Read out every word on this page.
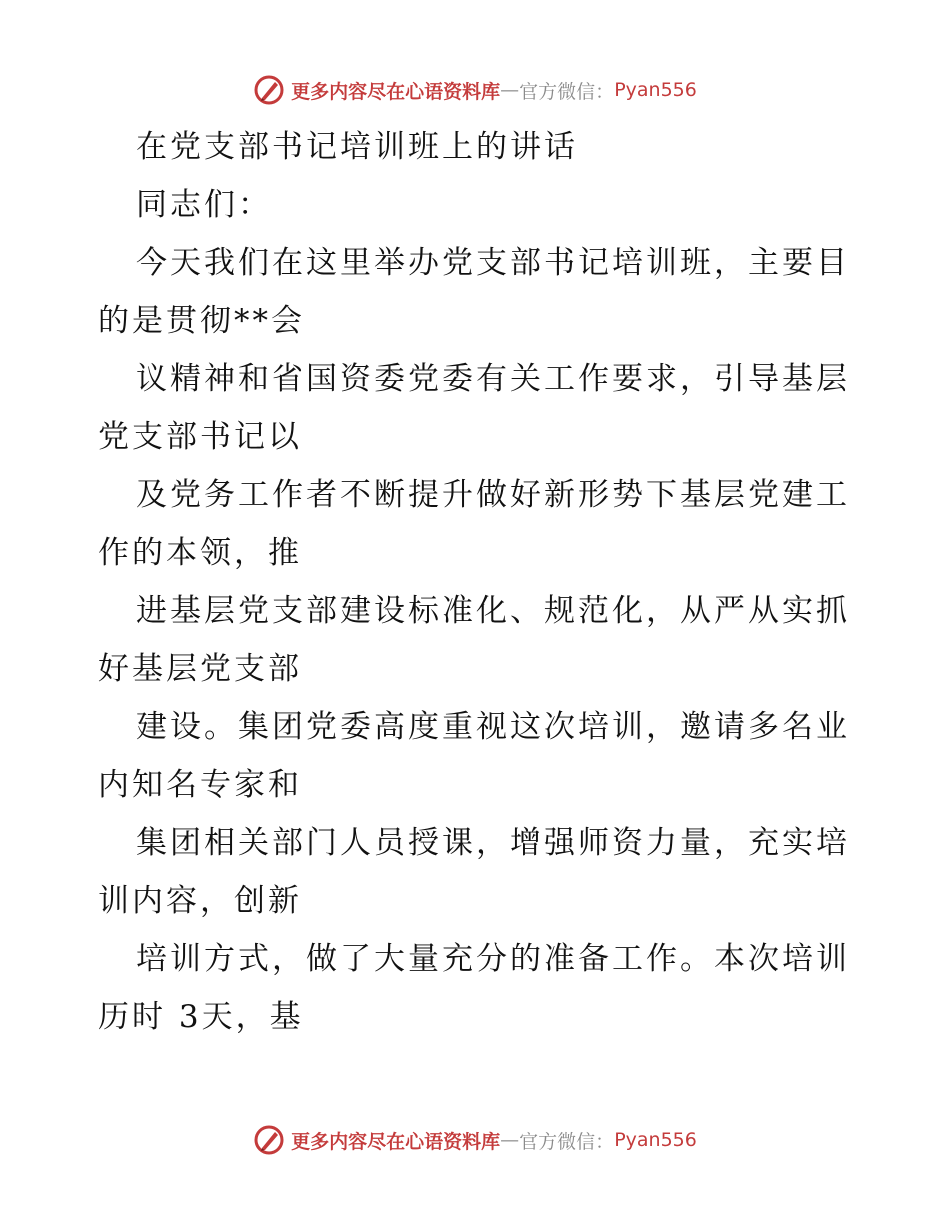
更多内容尽在心语资料库 — 官方微信： Pyan556
在党支部书记培训班上的讲话
同志们：
今天我们在这里举办党支部书记培训班，主要目
的是贯彻**会
议精神和省国资委党委有关工作要求，引导基层
党支部书记以
及党务工作者不断提升做好新形势下基层党建工
作的本领，推
进基层党支部建设标准化、规范化，从严从实抓
好基层党支部
建设。集团党委高度重视这次培训，邀请多名业
内知名专家和
集团相关部门人员授课，增强师资力量，充实培
训内容，创新
培训方式，做了大量充分的准备工作。本次培训
历时 3天，基
更多内容尽在心语资料库 — 官方微信： Pyan556
